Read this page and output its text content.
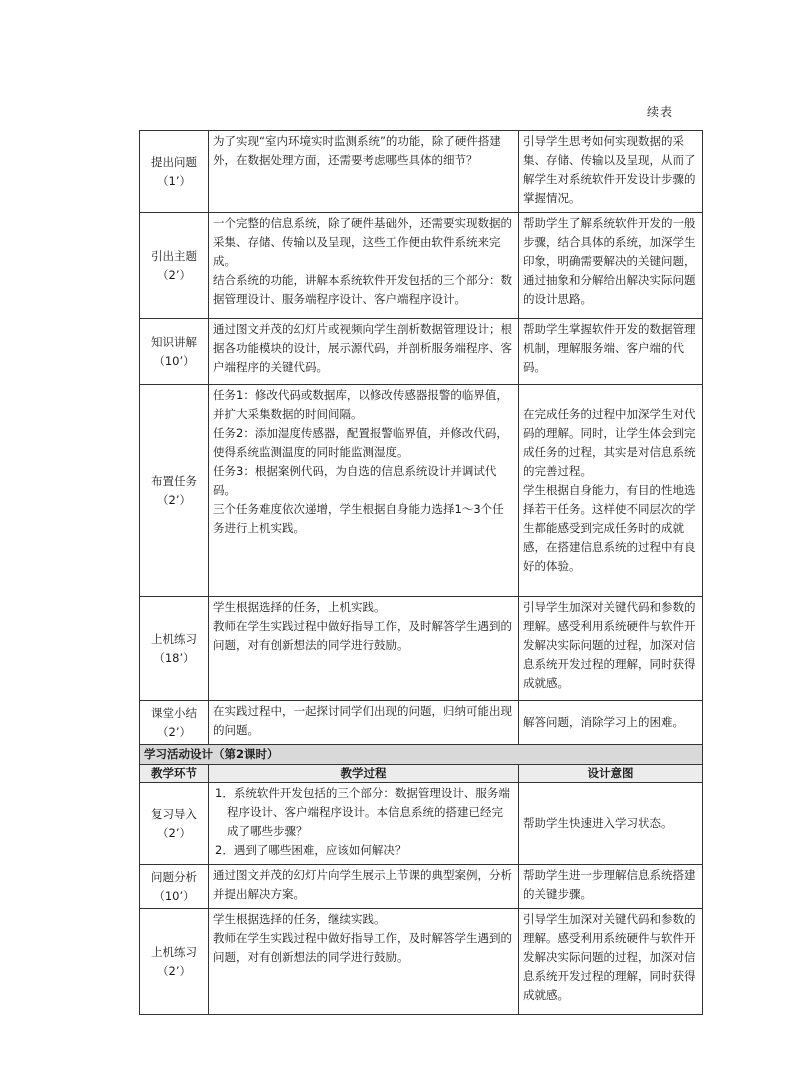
续表
提出问题
（1’）	为了实现“室内环境实时监测系统”的功能，除了硬件搭建外，在数据处理方面，还需要考虑哪些具体的细节？	引导学生思考如何实现数据的采集、存储、传输以及呈现，从而了解学生对系统软件开发设计步骤的掌握情况。

引出主题
（2’）	一个完整的信息系统，除了硬件基础外，还需要实现数据的采集、存储、传输以及呈现，这些工作便由软件系统来完成。
结合系统的功能，讲解本系统软件开发包括的三个部分：数据管理设计、服务端程序设计、客户端程序设计。	帮助学生了解系统软件开发的一般步骤，结合具体的系统，加深学生印象，明确需要解决的关键问题，通过抽象和分解给出解决实际问题的设计思路。

知识讲解
（10’）	通过图文并茂的幻灯片或视频向学生剖析数据管理设计；根据各功能模块的设计，展示源代码，并剖析服务端程序、客户端程序的关键代码。	帮助学生掌握软件开发的数据管理机制，理解服务端、客户端的代码。

布置任务
（2’）	任务1：修改代码或数据库，以修改传感器报警的临界值，并扩大采集数据的时间间隔。
任务2：添加湿度传感器，配置报警临界值，并修改代码，使得系统监测温度的同时能监测湿度。
任务3：根据案例代码，为自选的信息系统设计并调试代码。
三个任务难度依次递增，学生根据自身能力选择1～3个任务进行上机实践。	在完成任务的过程中加深学生对代码的理解。同时，让学生体会到完成任务的过程，其实是对信息系统的完善过程。
学生根据自身能力，有目的性地选择若干任务。这样使不同层次的学生都能感受到完成任务时的成就感，在搭建信息系统的过程中有良好的体验。

上机练习
（18’）	学生根据选择的任务，上机实践。
教师在学生实践过程中做好指导工作，及时解答学生遇到的问题，对有创新想法的同学进行鼓励。	引导学生加深对关键代码和参数的理解。感受利用系统硬件与软件开发解决实际问题的过程，加深对信息系统开发过程的理解，同时获得成就感。

课堂小结
（2’）	在实践过程中，一起探讨同学们出现的问题，归纳可能出现的问题。	解答问题，消除学习上的困难。

学习活动设计（第2课时）		
教学环节	教学过程	设计意图

复习导入
（2’）	1．系统软件开发包括的三个部分：数据管理设计、服务端程序设计、客户端程序设计。本信息系统的搭建已经完成了哪些步骤？
2．遇到了哪些困难，应该如何解决？	帮助学生快速进入学习状态。

问题分析
（10’）	通过图文并茂的幻灯片向学生展示上节课的典型案例，分析并提出解决方案。	帮助学生进一步理解信息系统搭建的关键步骤。

上机练习
（2’）	学生根据选择的任务，继续实践。
教师在学生实践过程中做好指导工作，及时解答学生遇到的问题，对有创新想法的同学进行鼓励。	引导学生加深对关键代码和参数的理解。感受利用系统硬件与软件开发解决实际问题的过程，加深对信息系统开发过程的理解，同时获得成就感。
